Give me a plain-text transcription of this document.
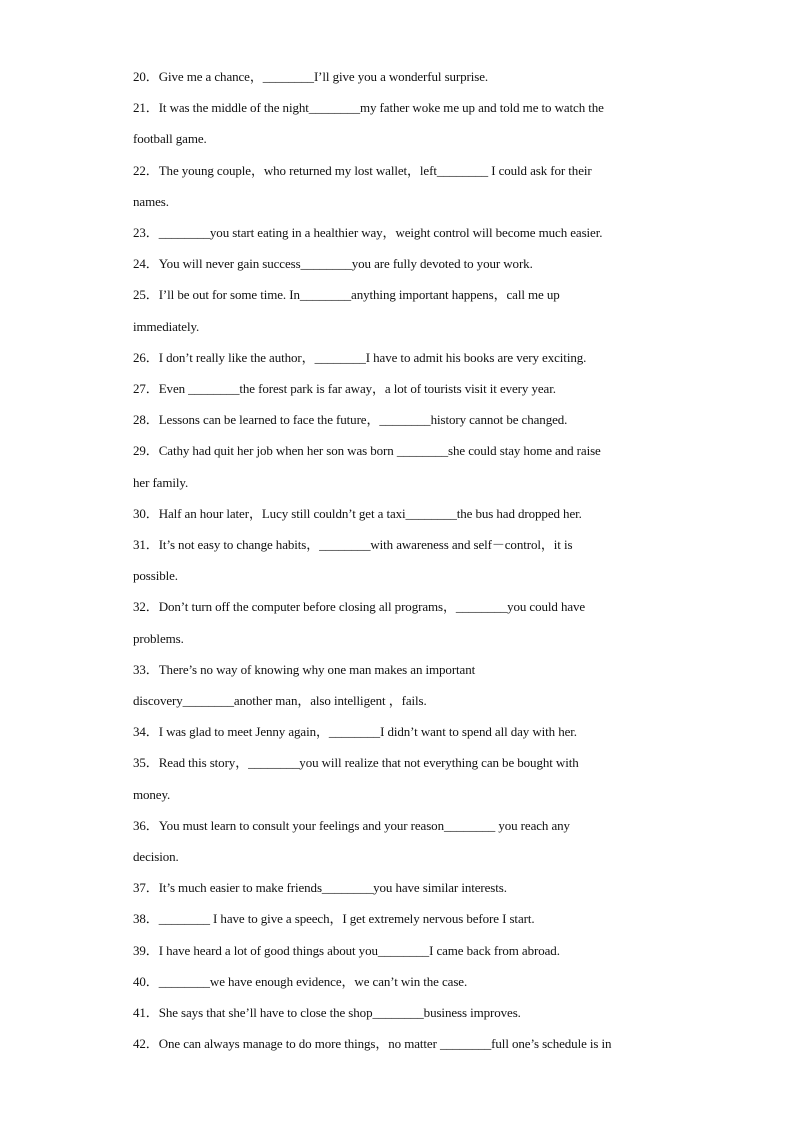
20．Give me a chance，________I’ll give you a wonderful surprise.
21．It was the middle of the night________my father woke me up and told me to watch the
football game.
22．The young couple，who returned my lost wallet，left________ I could ask for their
names.
23．________you start eating in a healthier way，weight control will become much easier.
24．You will never gain success________you are fully devoted to your work.
25．I’ll be out for some time. In________anything important happens，call me up
immediately.
26．I don’t really like the author，________I have to admit his books are very exciting.
27．Even ________the forest park is far away，a lot of tourists visit it every year.
28．Lessons can be learned to face the future，________history cannot be changed.
29．Cathy had quit her job when her son was born ________she could stay home and raise
her family.
30．Half an hour later，Lucy still couldn’t get a taxi________the bus had dropped her.
31．It’s not easy to change habits，________with awareness and self－control，it is
possible.
32．Don’t turn off the computer before closing all programs，________you could have
problems.
33．There’s no way of knowing why one man makes an important
discovery________another man，also intelligent ，fails.
34．I was glad to meet Jenny again，________I didn’t want to spend all day with her.
35．Read this story，________you will realize that not everything can be bought with
money.
36．You must learn to consult your feelings and your reason________ you reach any
decision.
37．It’s much easier to make friends________you have similar interests.
38．________ I have to give a speech，I get extremely nervous before I start.
39．I have heard a lot of good things about you________I came back from abroad.
40．________we have enough evidence，we can’t win the case.
41．She says that she’ll have to close the shop________business improves.
42．One can always manage to do more things，no matter ________full one’s schedule is in
